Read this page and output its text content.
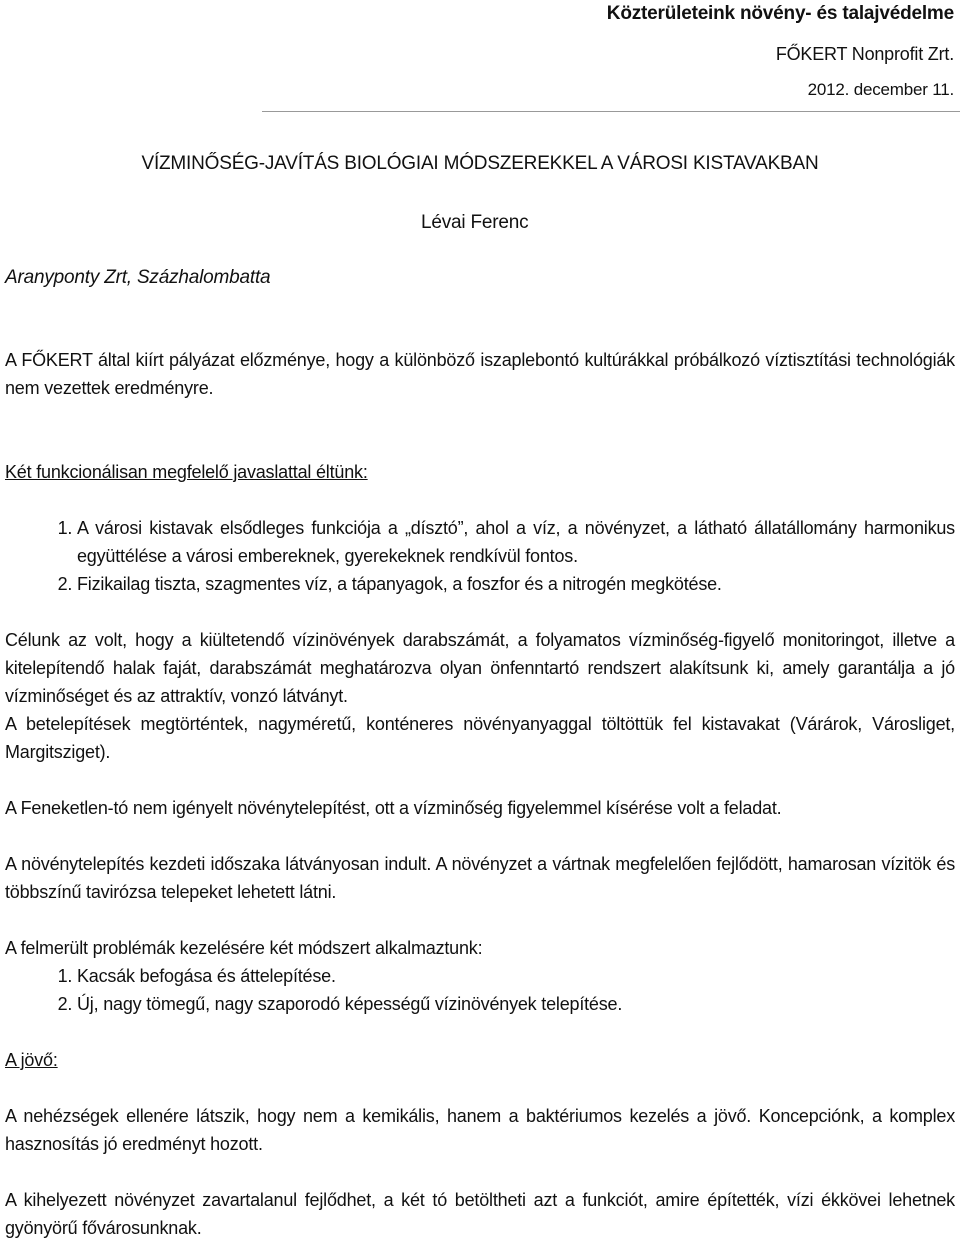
Közterületeink növény- és talajvédelme
FŐKERT Nonprofit Zrt.
2012. december 11.
VÍZMINŐSÉG-JAVÍTÁS BIOLÓGIAI MÓDSZEREKKEL A VÁROSI KISTAVAKBAN
Lévai Ferenc
Aranyponty Zrt, Százhalombatta

A FŐKERT által kiírt pályázat előzménye, hogy a különböző iszaplebontó kultúrákkal próbálkozó víztisztítási technológiák nem vezettek eredményre.

Két funkcionálisan megfelelő javaslattal éltünk:

1. A városi kistavak elsődleges funkciója a „dísztó”, ahol a víz, a növényzet, a látható állatállomány harmonikus együttélése a városi embereknek, gyerekeknek rendkívül fontos.
2. Fizikailag tiszta, szagmentes víz, a tápanyagok, a foszfor és a nitrogén megkötése.

Célunk az volt, hogy a kiültetendő vízinövények darabszámát, a folyamatos vízminőség-figyelő monitoringot, illetve a kitelepítendő halak faját, darabszámát meghatározva olyan önfenntartó rendszert alakítsunk ki, amely garantálja a jó vízminőséget és az attraktív, vonzó látványt.

A betelepítések megtörténtek, nagyméretű, konténeres növényanyaggal töltöttük fel kistavakat (Várárok, Városliget, Margitsziget).

A Feneketlen-tó nem igényelt növénytelepítést, ott a vízminőség figyelemmel kísérése volt a feladat.

A növénytelepítés kezdeti időszaka látványosan indult. A növényzet a vártnak megfelelően fejlődött, hamarosan vízitök és többszínű tavirózsa telepeket lehetett látni.

A felmerült problémák kezelésére két módszert alkalmaztunk:

1. Kacsák befogása és áttelepítése.
2. Új, nagy tömegű, nagy szaporodó képességű vízinövények telepítése.

A jövő:

A nehézségek ellenére látszik, hogy nem a kemikális, hanem a baktériumos kezelés a jövő. Koncepciónk, a komplex hasznosítás jó eredményt hozott.

A kihelyezett növényzet zavartalanul fejlődhet, a két tó betöltheti azt a funkciót, amire építették, vízi ékkövei lehetnek gyönyörű fővárosunknak.
